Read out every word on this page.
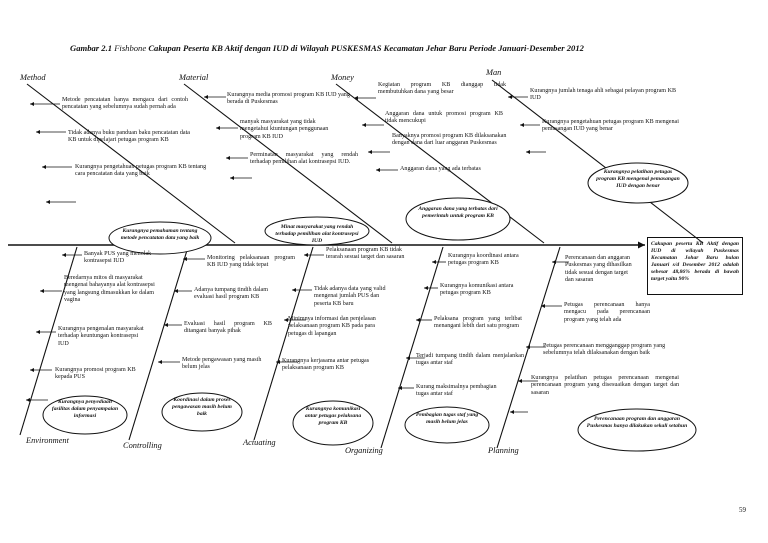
Gambar 2.1 Fishbone Cakupan Peserta KB Aktif dengan IUD di Wilayah PUSKESMAS Kecamatan Jehar Baru Periode Januari-Desember 2012
Method	Material	Money
Man
Environment
Controlling	Actuating
Organizing	Planning
Metode pencatatan hanya mengacu dari contoh pencatatan yang sebelumnya sudah pernah ada
Tidak adanya buku panduan baku pencatatan data KB untuk dipelajari petugas program KB
Kurangnya pengetahuan petugas program KB tentang cara pencatatan data yang baik
Kurangnya media promosi program KB IUD yang berada di Puskesmas
manyak masyarakat yang tidak mengetahui ktuntungan penggunaan program KB IUD
Perminatan masyarakat yang rendah terhadap pemilihan alat kontrasepsi IUD.
Kegiatan program KB dianggap tidak membutuhkan dana yang besar
Anggaran dana untuk promosi program KB tidak mencukupi
Banyaknya promosi program KB dilaksanakan dengan dana dari luar anggaran Puskesmas
Anggaran dana yang ada terbatas
Kurangnya jumlah tenaga ahli sebagai pelayan program KB IUD
Kurangnya pengetahuan petugas program KB mengenai pemasangan IUD yang benar
Banyak PUS yang menolak kontrasepsi IUD
Beredarnya mitos di masyarakat mengenai bahayanya alat kontrasepsi yang langsung dimasukkan ke dalam vagina
Kurangnya pengenalan masyarakat terhadap keuntungan kontrasepsi IUD
Kurangnya promosi program KB kepada PUS
Monitoring pelaksanaan program KB IUD yang tidak tepat
Adanya tumpang tindih dalam evaluasi hasil program KB
Evaluasi hasil program KB ditangani banyak pihak
Metode pengawasan yang masih belum jelas
Pelaksanaan program KB tidak terarah sesuai target dan sasaran
Tidak adanya data yang valid mengenai jumlah PUS dan peserta KB baru
Minimnya informasi dan penjelasan pelaksanaan program KB pada para petugas di lapangan
Kurangnya kerjasama antar petugas pelaksanaan program KB
Kurangnya koordinasi antara petugas program KB
Kurangnya komunikasi antara petugas program KB
Pelaksana program yang terlibat menangani lebih dari satu program
Terjadi tumpang tindih dalam menjalankan tugas antar staf
Kurang maksimalnya pembagian tugas antar staf
Perencanaan dan anggaran Puskesmas yang dihasilkan tidak sesuai dengan target dan sasaran
Petugas perencanaan hanya mengacu pada perencanaan program yang telah ada
Petugas perencanaan mengganggap program yang sebelumnya telah dilaksanakan dengan baik
Kurangnya pelatihan petugas perencanaan mengenai perencanaan program yang disesuaikan dengan target dan sasaran
Kurangnya pemahaman tentang metode pencatatan data yang baik
Minat masyarakat yang rendah terhadap pemilihan alat kontrasepsi IUD
Anggaran dana yang terbatas dari pemerintah untuk program KB
Kurangnya pelatihan petugas program KB mengenai pemasangan IUD dengan benar
Kurangnya penyediaan fasilitas dalam penyampaian informasi
Koordinasi dalam proses pengawasan masih belum baik
Kurangnya komunikasi antar petugas pelaksana program KB
Pembagian tugas staf yang masih belum jelas	Perencanaan program dan anggaran Puskesmas hanya dilakukan sekali setahun
Cakupan peserta KB Aktif dengan IUD di wilayah Puskesmas Kecamatan Johar Baru bulan Januari s/d Desember 2012 adalah sebesar 48,86% berada di bawah target yaitu 90%
59
